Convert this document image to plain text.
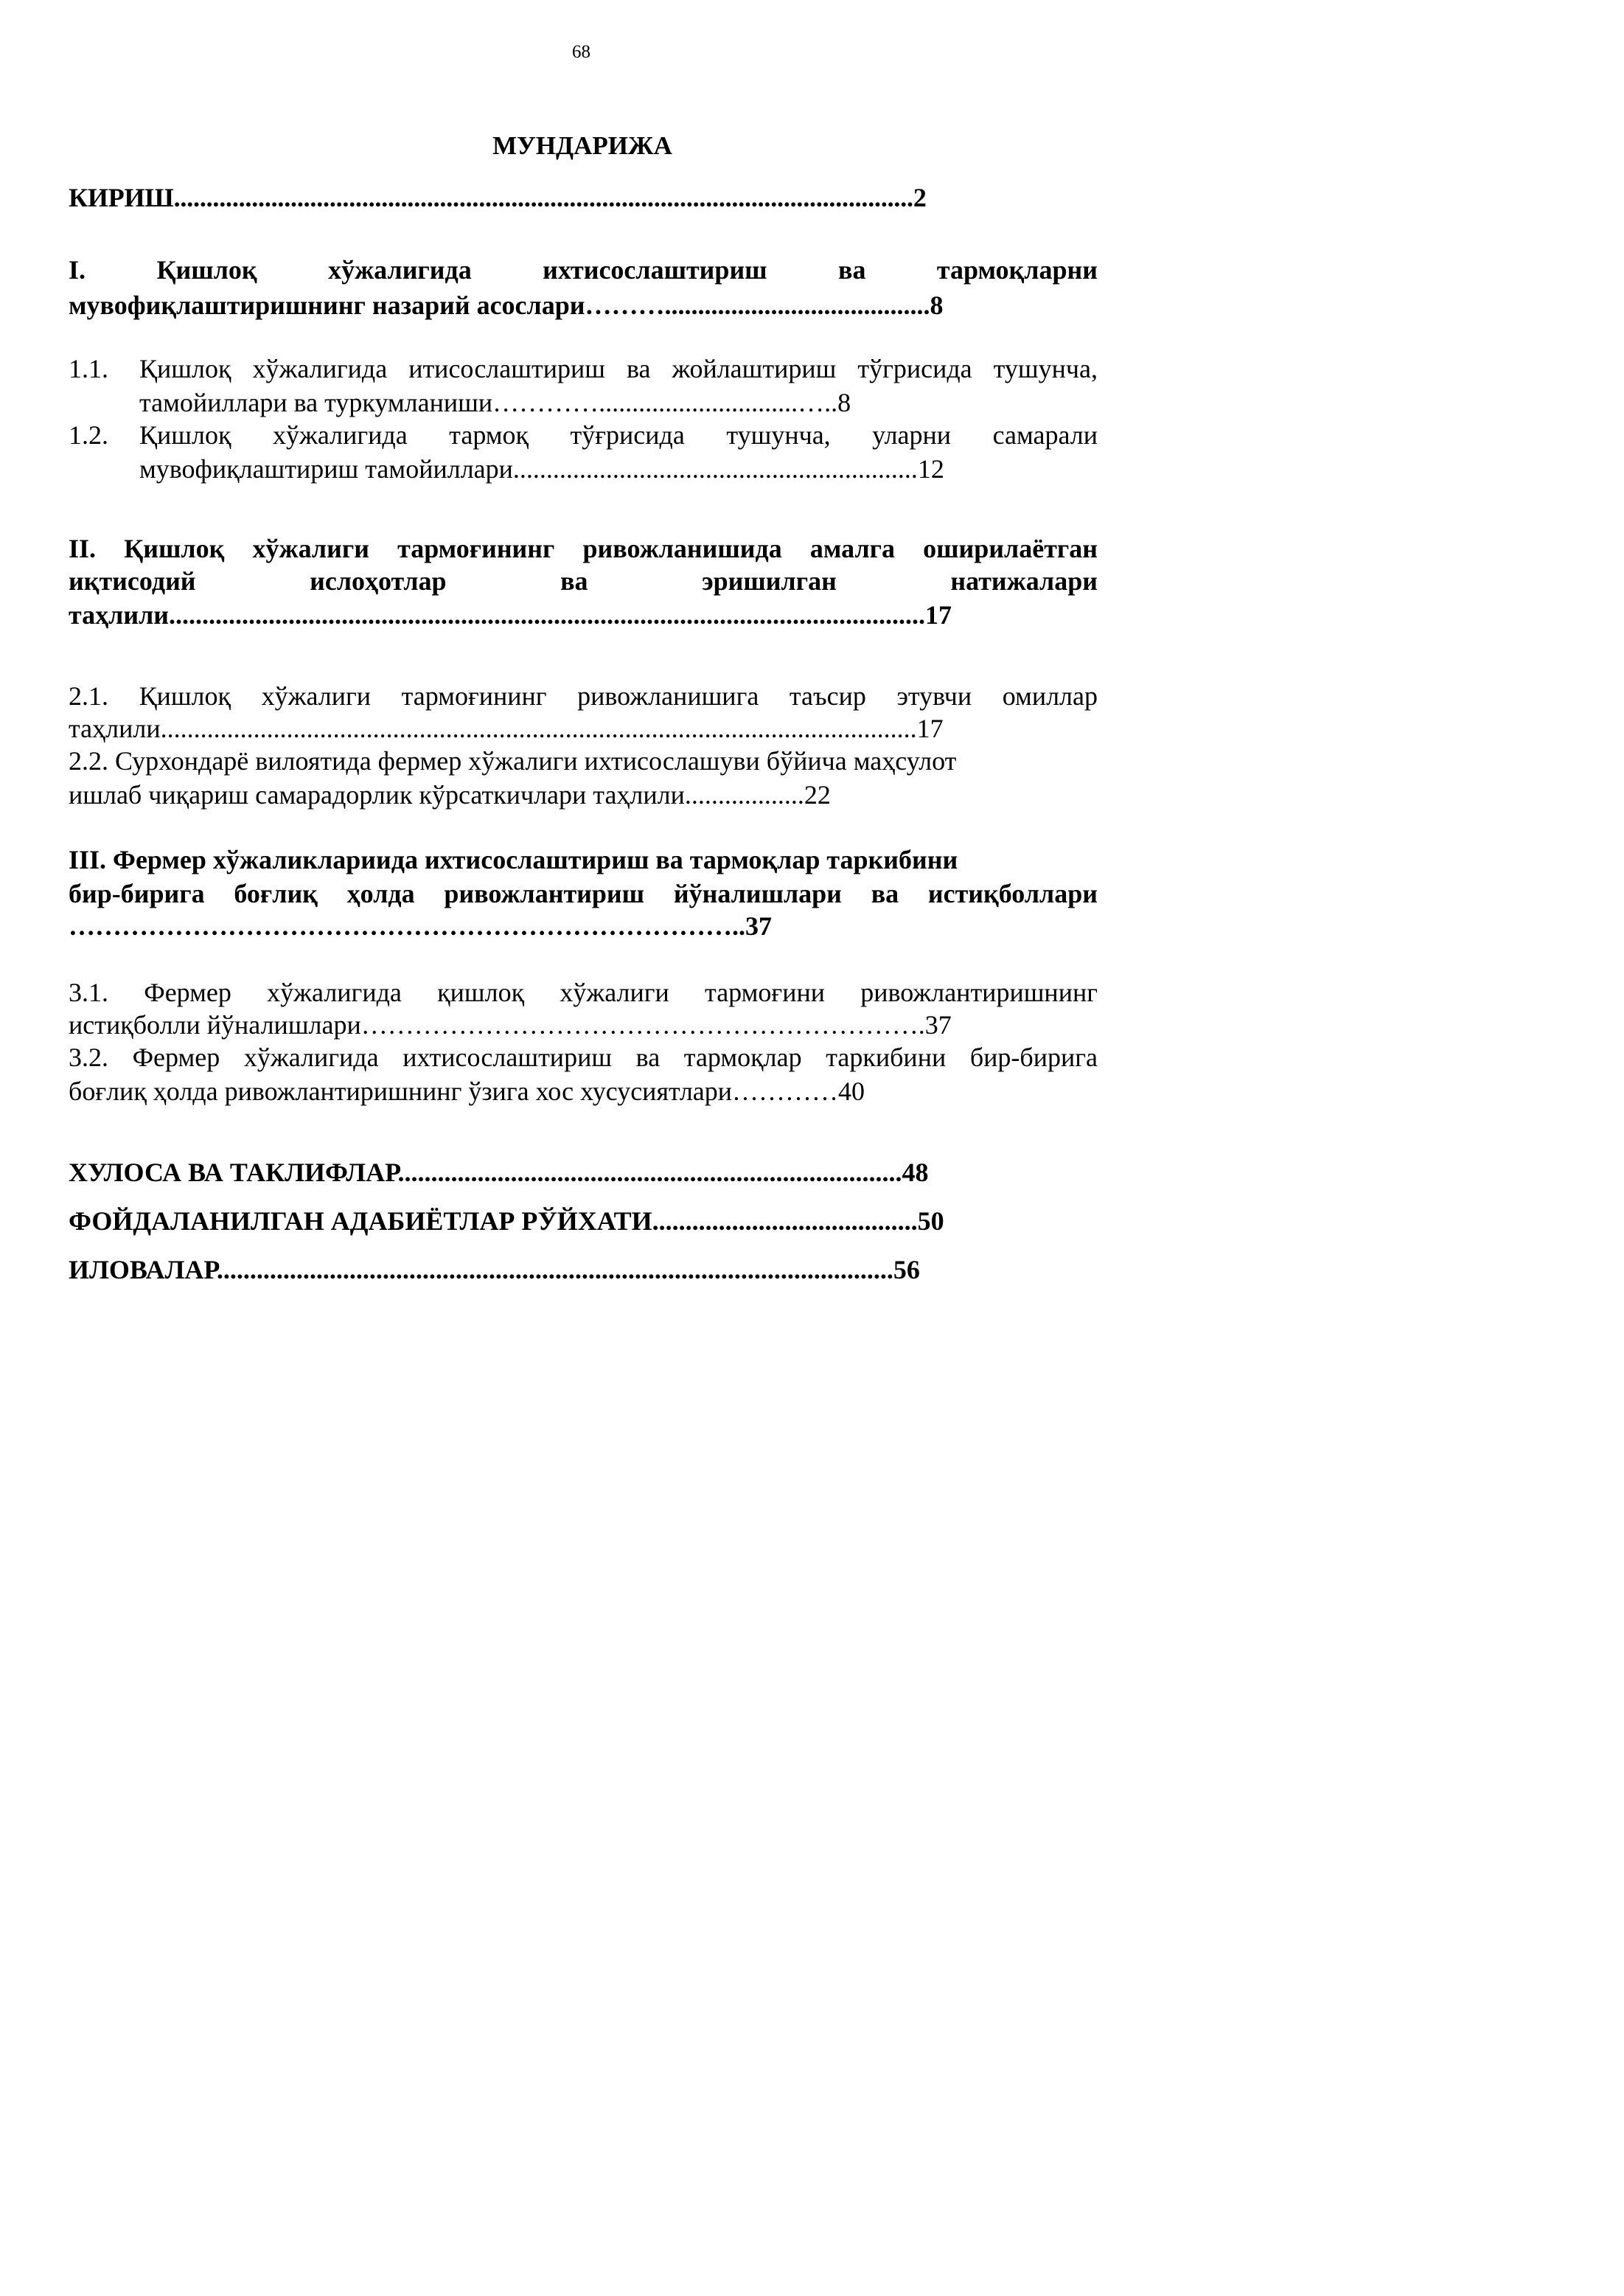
68
МУНДАРИЖА
КИРИШ..................................................................................................................2
I. Қишлоқ хўжалигида ихтисослаштириш ва тармоқларни
мувофиқлаштиришнинг назарий асослари………........................................8
1.1. Қишлоқ хўжалигида итисослаштириш ва жойлаштириш тўгрисида тушунча,
тамойиллари ва туркумланиши…………..............................…..8
1.2. Қишлоқ хўжалигида тармоқ тўғрисида тушунча, уларни самарали
мувофиқлаштириш тамойиллари.............................................................12
II. Қишлоқ хўжалиги тармоғининг ривожланишида амалга оширилаётган
иқтисодий ислоҳотлар ва эришилган натижалари
таҳлили..................................................................................................................17
2.1. Қишлоқ хўжалиги тармоғининг ривожланишига таъсир этувчи омиллар
таҳлили..................................................................................................................17
2.2. Сурхондарё вилоятида фермер хўжалиги ихтисослашуви бўйича маҳсулот
ишлаб чиқариш самарадорлик кўрсаткичлари таҳлили..................22
III. Фермер хўжаликлариида ихтисослаштириш ва тармоқлар таркибини
бир-бирига боғлиқ ҳолда ривожлантириш йўналишлари ва истиқболлари
…………………………………………………………………..37
3.1. Фермер хўжалигида қишлоқ хўжалиги тармоғини ривожлантиришнинг
истиқболли йўналишлари……………………………………………………….37
3.2. Фермер хўжалигида ихтисослаштириш ва тармоқлар таркибини бир-бирига
боғлиқ ҳолда ривожлантиришнинг ўзига хос хусусиятлари…………40
ХУЛОСА ВА ТАКЛИФЛАР............................................................................48
ФОЙДАЛАНИЛГАН АДАБИЁТЛАР РЎЙХАТИ........................................50
ИЛОВАЛАР......................................................................................................56
